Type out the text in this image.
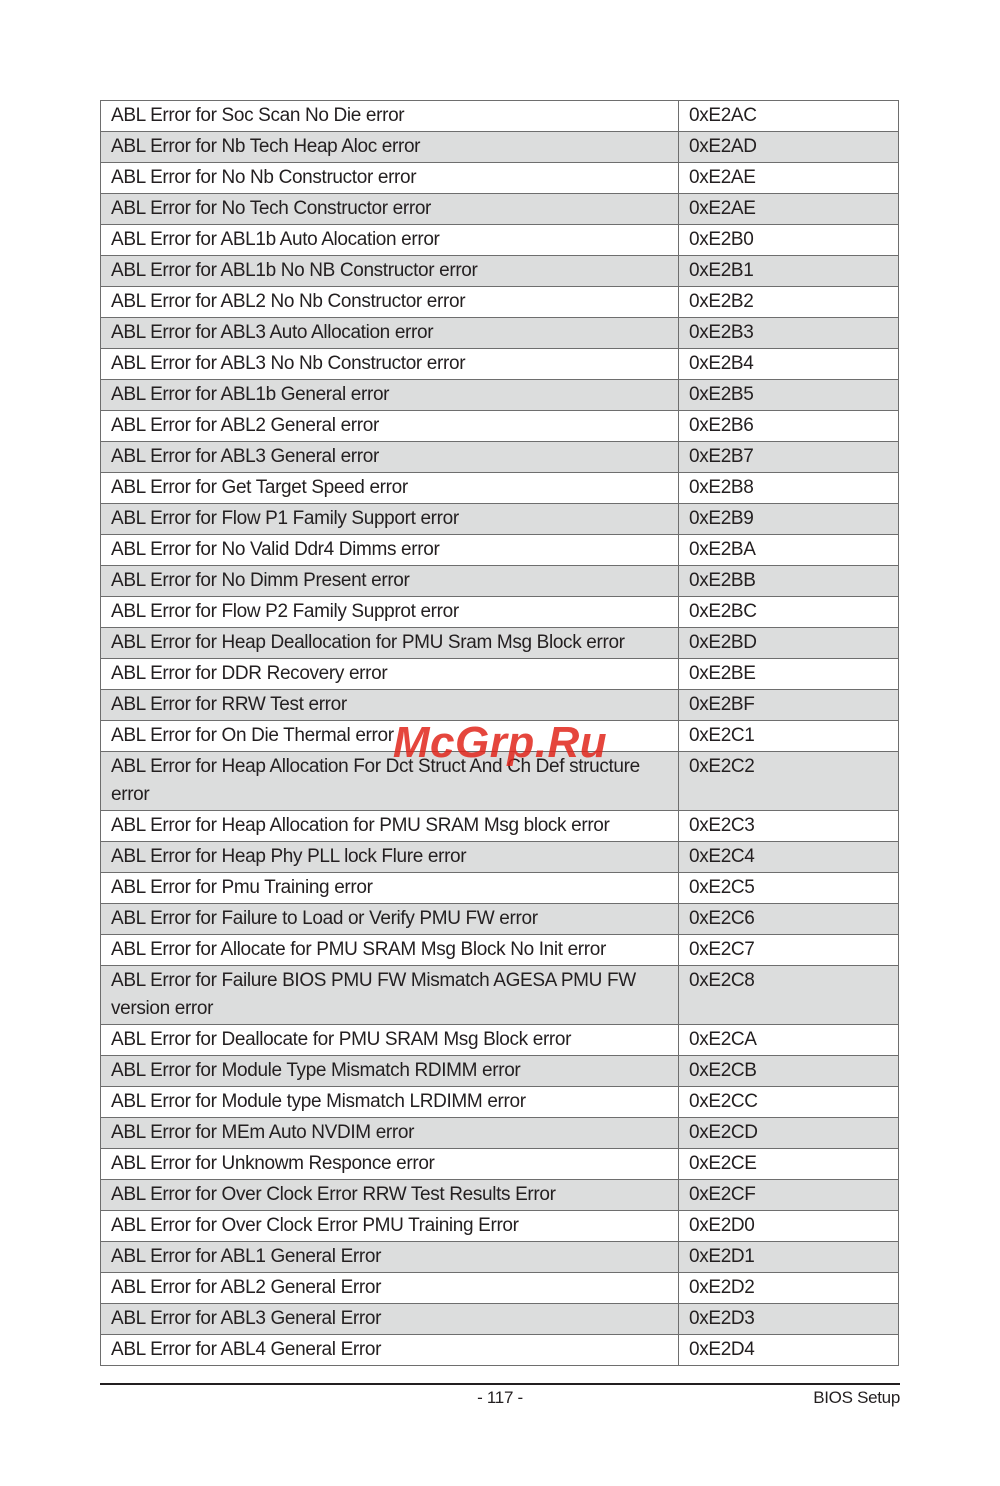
ABL Error for Soc Scan No Die error	0xE2AC
ABL Error for Nb Tech Heap Aloc error	0xE2AD
ABL Error for No Nb Constructor error	0xE2AE
ABL Error for No Tech Constructor error	0xE2AE
ABL Error for ABL1b Auto Alocation error	0xE2B0
ABL Error for ABL1b No NB Constructor error	0xE2B1
ABL Error for ABL2 No Nb Constructor error	0xE2B2
ABL Error for ABL3 Auto Allocation error	0xE2B3
ABL Error for ABL3 No Nb Constructor error	0xE2B4
ABL Error for ABL1b General error	0xE2B5
ABL Error for ABL2 General error	0xE2B6
ABL Error for ABL3 General error	0xE2B7
ABL Error for Get Target Speed error	0xE2B8
ABL Error for Flow P1 Family Support error	0xE2B9
ABL Error for No Valid Ddr4 Dimms error	0xE2BA
ABL Error for No Dimm Present error	0xE2BB
ABL Error for Flow P2 Family Supprot error	0xE2BC
ABL Error for Heap Deallocation for PMU Sram Msg Block error	0xE2BD
ABL Error for DDR Recovery error	0xE2BE
ABL Error for RRW Test error	0xE2BF
ABL Error for On Die Thermal error	0xE2C1
ABL Error for Heap Allocation For Dct Struct And Ch Def structure error	0xE2C2
ABL Error for Heap Allocation for PMU SRAM Msg block error	0xE2C3
ABL Error for Heap Phy PLL lock Flure error	0xE2C4
ABL Error for Pmu Training error	0xE2C5
ABL Error for Failure to Load or Verify PMU FW error	0xE2C6
ABL Error for Allocate for PMU SRAM Msg Block No Init error	0xE2C7
ABL Error for Failure BIOS PMU FW Mismatch AGESA PMU FW version error	0xE2C8
ABL Error for Deallocate for PMU SRAM Msg Block error	0xE2CA
ABL Error for Module Type Mismatch RDIMM error	0xE2CB
ABL Error for Module type Mismatch LRDIMM error	0xE2CC
ABL Error for MEm Auto NVDIM error	0xE2CD
ABL Error for Unknowm Responce error	0xE2CE
ABL Error for Over Clock Error RRW Test Results Error	0xE2CF
ABL Error for Over Clock Error PMU Training Error	0xE2D0
ABL Error for ABL1 General Error	0xE2D1
ABL Error for ABL2 General Error	0xE2D2
ABL Error for ABL3 General Error	0xE2D3
ABL Error for ABL4 General Error	0xE2D4
McGrp.Ru
- 117 -	BIOS Setup
